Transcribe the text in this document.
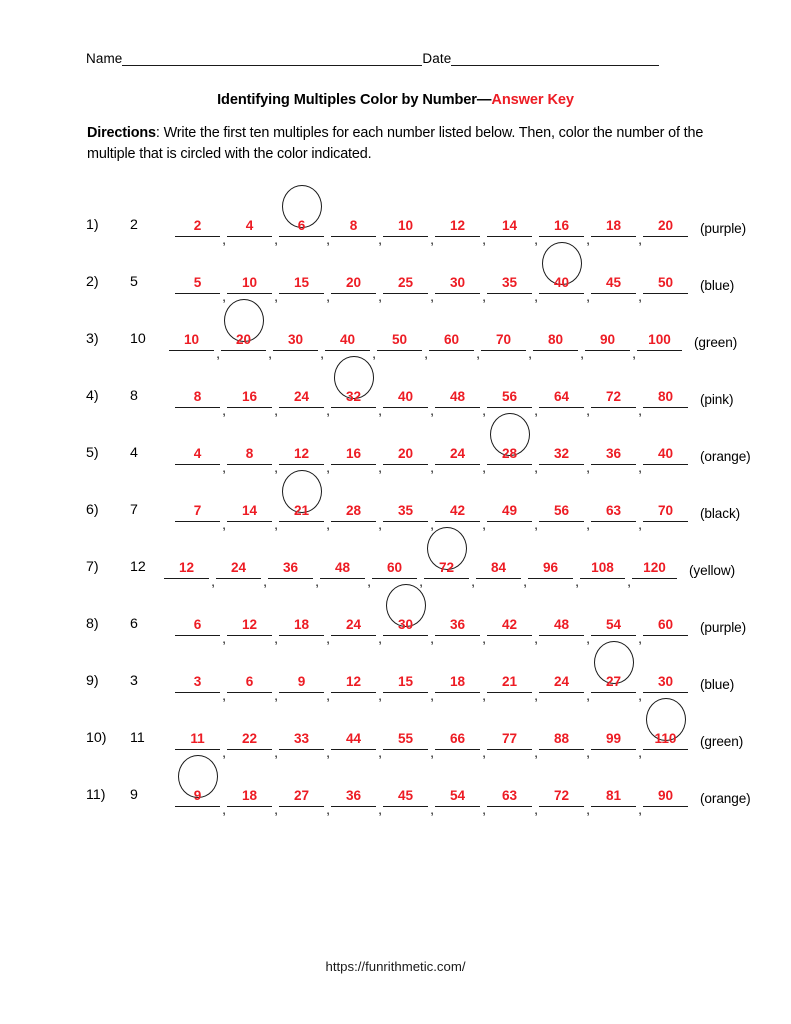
Name	Date
Identifying Multiples Color by Number—Answer Key
Directions: Write the first ten multiples for each number listed below. Then, color the number of the multiple that is circled with the color indicated.
1)	2	2
,
4
,
6
,
8
,
10
,
12
,
14
,
16
,
18
,
20	(purple)
2)	5	5
,
10
,
15
,
20
,
25
,
30
,
35
,
40
,
45
,
50	(blue)
3)	10	10
,
20
,
30
,
40
,
50
,
60
,
70
,
80
,
90
,
100	(green)
4)	8	8
,
16
,
24
,
32
,
40
,
48
,
56
,
64
,
72
,
80	(pink)
5)	4	4
,
8
,
12
,
16
,
20
,
24
,
28
,
32
,
36
,
40	(orange)
6)	7	7
,
14
,
21
,
28
,
35
,
42
,
49
,
56
,
63
,
70	(black)
7)	12	12
,
24
,
36
,
48
,
60
,
72
,
84
,
96
,
108
,
120	(yellow)
8)	6	6
,
12
,
18
,
24
,
30
,
36
,
42
,
48
,
54
,
60	(purple)
9)	3	3
,
6
,
9
,
12
,
15
,
18
,
21
,
24
,
27
,
30	(blue)
10)	11	11
,
22
,
33
,
44
,
55
,
66
,
77
,
88
,
99
,
110	(green)
11)	9	9
,
18
,
27
,
36
,
45
,
54
,
63
,
72
,
81
,
90	(orange)
https://funrithmetic.com/
